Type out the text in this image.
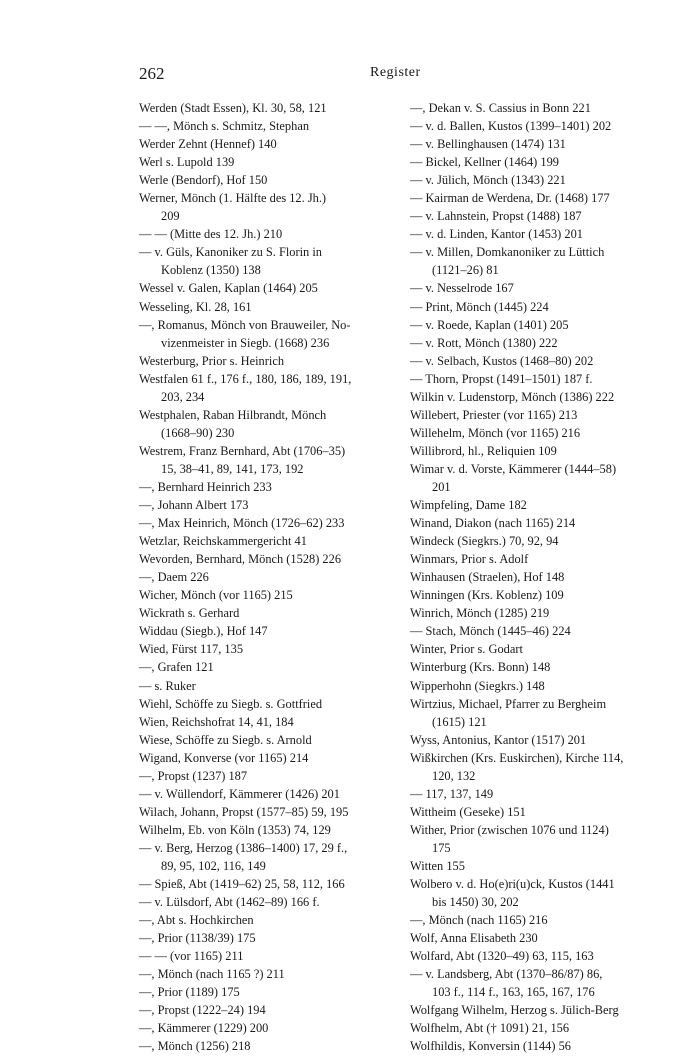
262	Register
Werden (Stadt Essen), Kl. 30, 58, 121
— —, Mönch s. Schmitz, Stephan
Werder Zehnt (Hennef) 140
Werl s. Lupold 139
Werle (Bendorf), Hof 150
Werner, Mönch (1. Hälfte des 12. Jh.)
209
— — (Mitte des 12. Jh.) 210
— v. Güls, Kanoniker zu S. Florin in
Koblenz (1350) 138
Wessel v. Galen, Kaplan (1464) 205
Wesseling, Kl. 28, 161
—, Romanus, Mönch von Brauweiler, No-
vizenmeister in Siegb. (1668) 236
Westerburg, Prior s. Heinrich
Westfalen 61 f., 176 f., 180, 186, 189, 191,
203, 234
Westphalen, Raban Hilbrandt, Mönch
(1668–90) 230
Westrem, Franz Bernhard, Abt (1706–35)
15, 38–41, 89, 141, 173, 192
—, Bernhard Heinrich 233
—, Johann Albert 173
—, Max Heinrich, Mönch (1726–62) 233
Wetzlar, Reichskammergericht 41
Wevorden, Bernhard, Mönch (1528) 226
—, Daem 226
Wicher, Mönch (vor 1165) 215
Wickrath s. Gerhard
Widdau (Siegb.), Hof 147
Wied, Fürst 117, 135
—, Grafen 121
— s. Ruker
Wiehl, Schöffe zu Siegb. s. Gottfried
Wien, Reichshofrat 14, 41, 184
Wiese, Schöffe zu Siegb. s. Arnold
Wigand, Konverse (vor 1165) 214
—, Propst (1237) 187
— v. Wüllendorf, Kämmerer (1426) 201
Wilach, Johann, Propst (1577–85) 59, 195
Wilhelm, Eb. von Köln (1353) 74, 129
— v. Berg, Herzog (1386–1400) 17, 29 f.,
89, 95, 102, 116, 149
— Spieß, Abt (1419–62) 25, 58, 112, 166
— v. Lülsdorf, Abt (1462–89) 166 f.
—, Abt s. Hochkirchen
—, Prior (1138/39) 175
— — (vor 1165) 211
—, Mönch (nach 1165 ?) 211
—, Prior (1189) 175
—, Propst (1222–24) 194
—, Kämmerer (1229) 200
—, Mönch (1256) 218
—, Dekan v. S. Cassius in Bonn 221
— v. d. Ballen, Kustos (1399–1401) 202
— v. Bellinghausen (1474) 131
— Bickel, Kellner (1464) 199
— v. Jülich, Mönch (1343) 221
— Kairman de Werdena, Dr. (1468) 177
— v. Lahnstein, Propst (1488) 187
— v. d. Linden, Kantor (1453) 201
— v. Millen, Domkanoniker zu Lüttich
(1121–26) 81
— v. Nesselrode 167
— Print, Mönch (1445) 224
— v. Roede, Kaplan (1401) 205
— v. Rott, Mönch (1380) 222
— v. Selbach, Kustos (1468–80) 202
— Thorn, Propst (1491–1501) 187 f.
Wilkin v. Ludenstorp, Mönch (1386) 222
Willebert, Priester (vor 1165) 213
Willehelm, Mönch (vor 1165) 216
Willibrord, hl., Reliquien 109
Wimar v. d. Vorste, Kämmerer (1444–58)
201
Wimpfeling, Dame 182
Winand, Diakon (nach 1165) 214
Windeck (Siegkrs.) 70, 92, 94
Winmars, Prior s. Adolf
Winhausen (Straelen), Hof 148
Winningen (Krs. Koblenz) 109
Winrich, Mönch (1285) 219
— Stach, Mönch (1445–46) 224
Winter, Prior s. Godart
Winterburg (Krs. Bonn) 148
Wipperhohn (Siegkrs.) 148
Wirtzius, Michael, Pfarrer zu Bergheim
(1615) 121
Wyss, Antonius, Kantor (1517) 201
Wißkirchen (Krs. Euskirchen), Kirche 114,
120, 132
— 117, 137, 149
Wittheim (Geseke) 151
Wither, Prior (zwischen 1076 und 1124)
175
Witten 155
Wolbero v. d. Ho(e)ri(u)ck, Kustos (1441
bis 1450) 30, 202
—, Mönch (nach 1165) 216
Wolf, Anna Elisabeth 230
Wolfard, Abt (1320–49) 63, 115, 163
— v. Landsberg, Abt (1370–86/87) 86,
103 f., 114 f., 163, 165, 167, 176
Wolfgang Wilhelm, Herzog s. Jülich-Berg
Wolfhelm, Abt († 1091) 21, 156
Wolfhildis, Konversin (1144) 56
